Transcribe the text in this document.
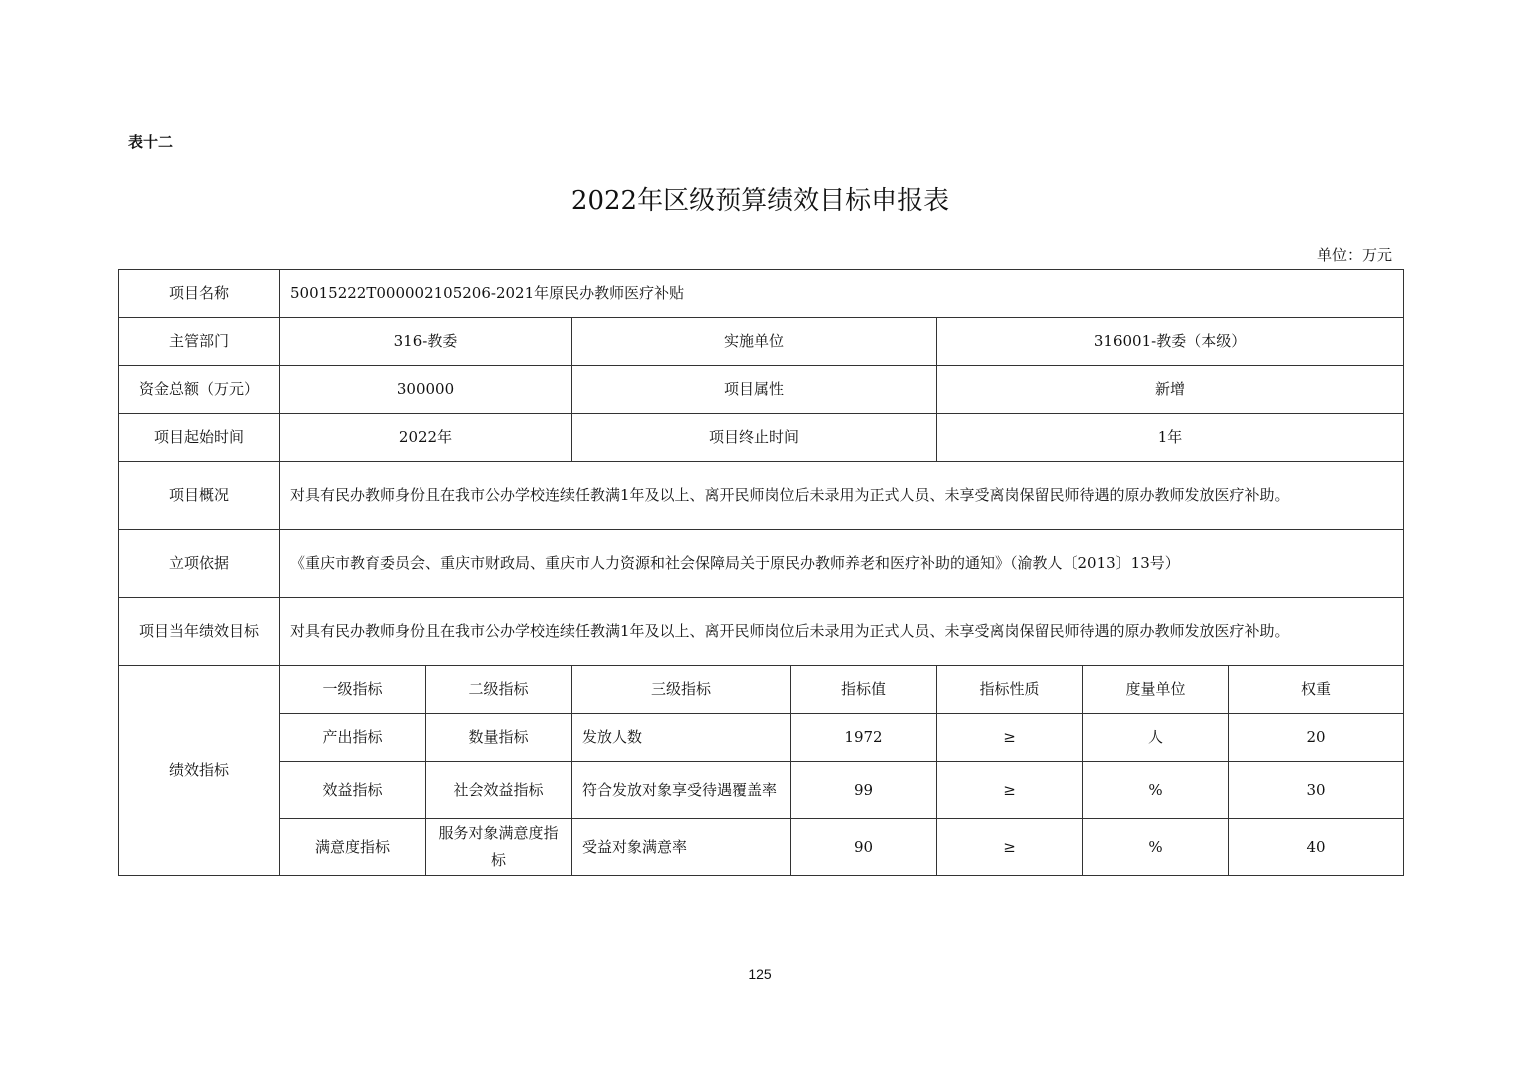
表十二
2022年区级预算绩效目标申报表
单位：万元
项目名称	50015222T000002105206-2021年原民办教师医疗补贴						
主管部门	316-教委		实施单位		316001-教委（本级）		
资金总额（万元）	300000		项目属性		新增		
项目起始时间	2022年		项目终止时间		1年		
项目概况	对具有民办教师身份且在我市公办学校连续任教满1年及以上、离开民师岗位后未录用为正式人员、未享受离岗保留民师待遇的原办教师发放医疗补助。						
立项依据	《重庆市教育委员会、重庆市财政局、重庆市人力资源和社会保障局关于原民办教师养老和医疗补助的通知》（渝教人〔2013〕13号）						
项目当年绩效目标	对具有民办教师身份且在我市公办学校连续任教满1年及以上、离开民师岗位后未录用为正式人员、未享受离岗保留民师待遇的原办教师发放医疗补助。						
绩效指标	一级指标	二级指标	三级指标	指标值	指标性质	度量单位	权重
	产出指标	数量指标	发放人数	1972	≥	人	20
	效益指标	社会效益指标	符合发放对象享受待遇覆盖率	99	≥	%	30
	满意度指标	服务对象满意度指标	受益对象满意率	90	≥	%	40
125
